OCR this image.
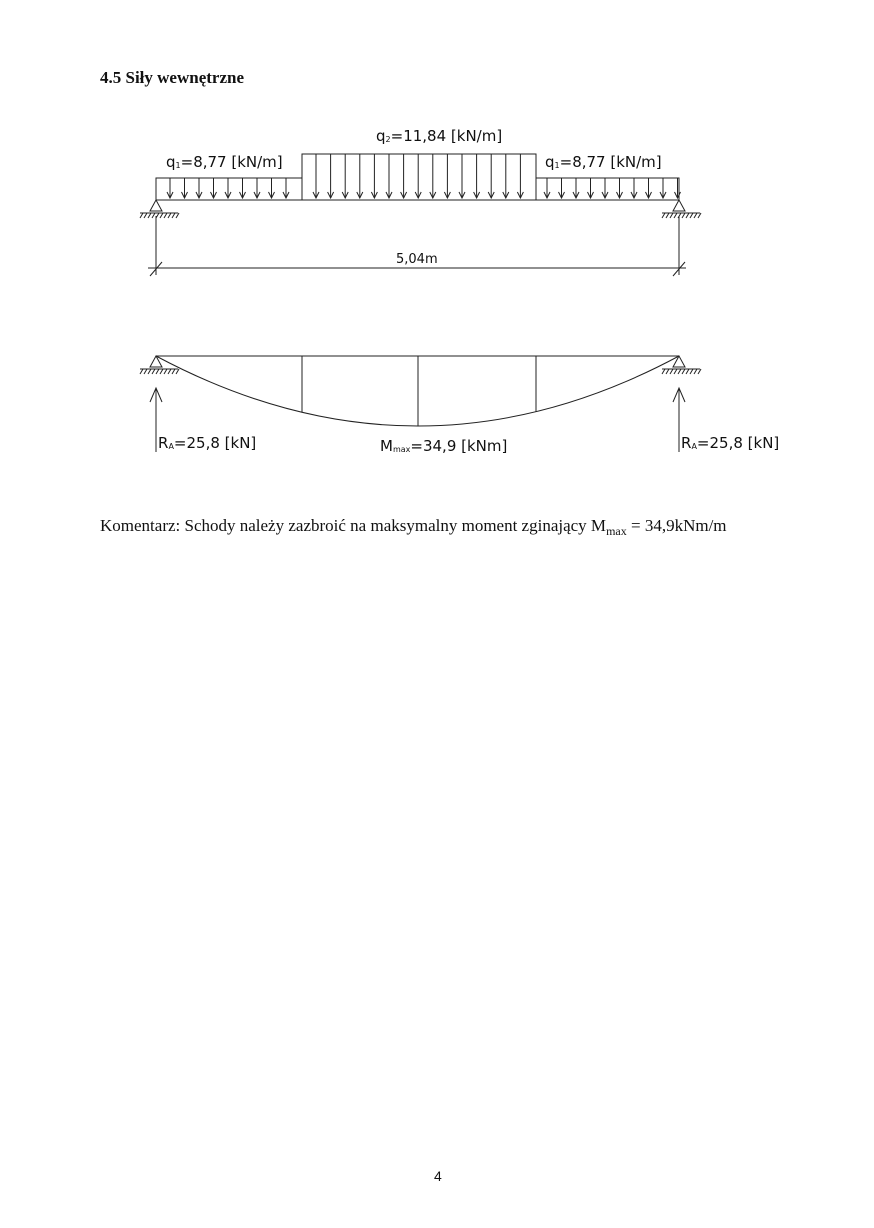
4.5 Siły wewnętrzne
q2=11,84 [kN/m]
q1=8,77 [kN/m]	q1=8,77 [kN/m]
5,04m
RA=25,8 [kN]	Mmax=34,9 [kNm]	RA=25,8 [kN]
Komentarz: Schody należy zazbroić na maksymalny moment zginający $M_{max} = 34,9kNm/m$
4
